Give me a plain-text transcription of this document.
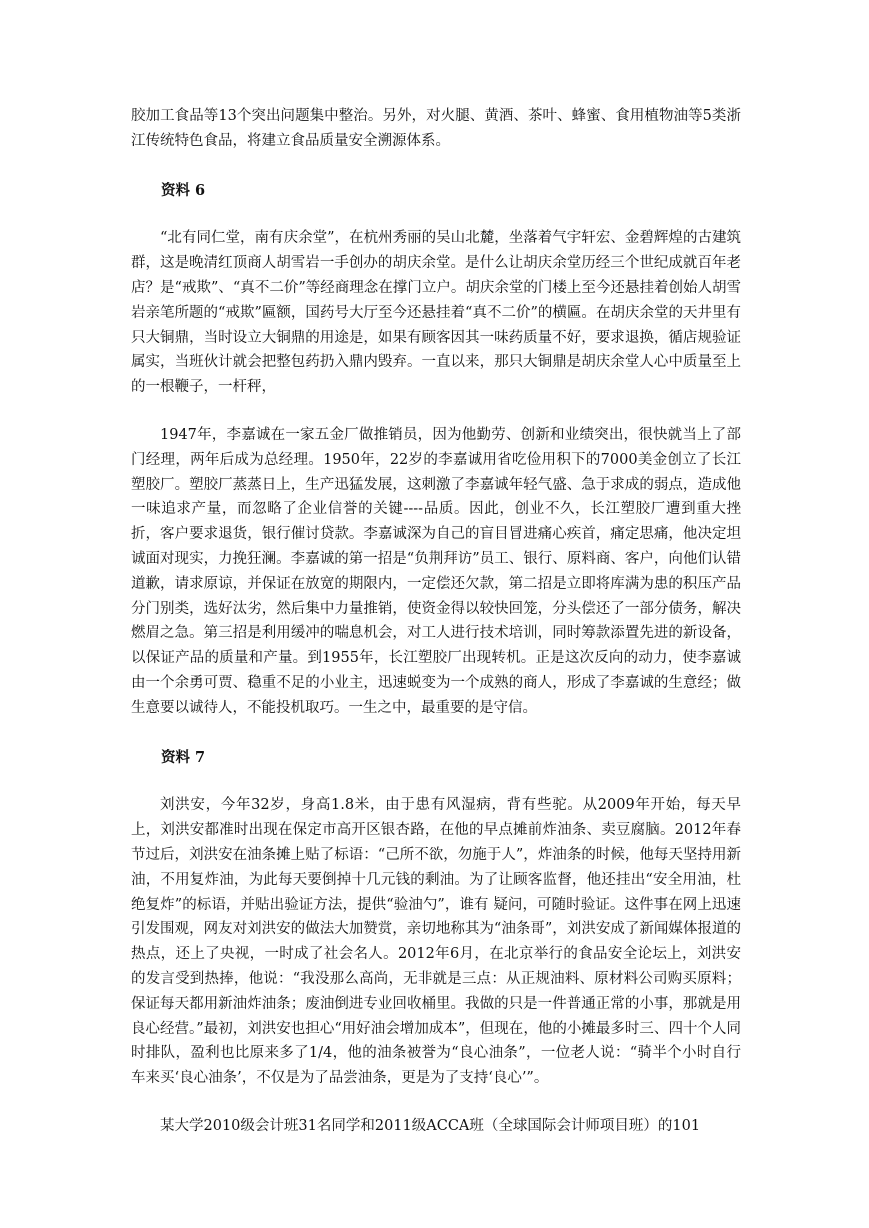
胶加工食品等13个突出问题集中整治。另外，对火腿、黄酒、茶叶、蜂蜜、食用植物油等5类浙江传统特色食品，将建立食品质量安全溯源体系。

资料 6

“北有同仁堂，南有庆余堂”，在杭州秀丽的吴山北麓，坐落着气宇轩宏、金碧辉煌的古建筑群，这是晚清红顶商人胡雪岩一手创办的胡庆余堂。是什么让胡庆余堂历经三个世纪成就百年老店？是“戒欺”、“真不二价”等经商理念在撑门立户。胡庆余堂的门楼上至今还悬挂着创始人胡雪岩亲笔所题的“戒欺”匾额，国药号大厅至今还悬挂着“真不二价”的横匾。在胡庆余堂的天井里有只大铜鼎，当时设立大铜鼎的用途是，如果有顾客因其一味药质量不好，要求退换，循店规验证属实，当班伙计就会把整包药扔入鼎内毁弃。一直以来，那只大铜鼎是胡庆余堂人心中质量至上的一根鞭子，一杆秤，

1947年，李嘉诚在一家五金厂做推销员，因为他勤劳、创新和业绩突出，很快就当上了部门经理，两年后成为总经理。1950年，22岁的李嘉诚用省吃俭用积下的7000美金创立了长江塑胶厂。塑胶厂蒸蒸日上，生产迅猛发展，这刺激了李嘉诚年轻气盛、急于求成的弱点，造成他一味追求产量，而忽略了企业信誉的关键----品质。因此，创业不久，长江塑胶厂遭到重大挫折，客户要求退货，银行催讨贷款。李嘉诚深为自己的盲目冒进痛心疾首，痛定思痛，他决定坦诚面对现实，力挽狂澜。李嘉诚的第一招是“负荆拜访”员工、银行、原料商、客户，向他们认错道歉，请求原谅，并保证在放宽的期限内，一定偿还欠款，第二招是立即将库满为患的积压产品分门别类，选好汰劣，然后集中力量推销，使资金得以较快回笼，分头偿还了一部分债务，解决燃眉之急。第三招是利用缓冲的喘息机会，对工人进行技术培训，同时筹款添置先进的新设备，以保证产品的质量和产量。到1955年，长江塑胶厂出现转机。正是这次反向的动力，使李嘉诚由一个余勇可贾、稳重不足的小业主，迅速蜕变为一个成熟的商人，形成了李嘉诚的生意经；做生意要以诚待人，不能投机取巧。一生之中，最重要的是守信。

资料 7

刘洪安，今年32岁，身高1.8米，由于患有风湿病，背有些驼。从2009年开始，每天早上，刘洪安都准时出现在保定市高开区银杏路，在他的早点摊前炸油条、卖豆腐脑。2012年春节过后，刘洪安在油条摊上贴了标语：“己所不欲，勿施于人”，炸油条的时候，他每天坚持用新油，不用复炸油，为此每天要倒掉十几元钱的剩油。为了让顾客监督，他还挂出“安全用油，杜绝复炸”的标语，并贴出验证方法，提供“验油勺”，谁有 疑问，可随时验证。这件事在网上迅速引发围观，网友对刘洪安的做法大加赞赏，亲切地称其为“油条哥”，刘洪安成了新闻媒体报道的热点，还上了央视，一时成了社会名人。2012年6月，在北京举行的食品安全论坛上，刘洪安的发言受到热捧，他说：“我没那么高尚，无非就是三点：从正规油料、原材料公司购买原料；保证每天都用新油炸油条；废油倒进专业回收桶里。我做的只是一件普通正常的小事，那就是用良心经营。”最初，刘洪安也担心“用好油会增加成本”，但现在，他的小摊最多时三、四十个人同时排队，盈利也比原来多了1/4，他的油条被誉为“良心油条”，一位老人说：“骑半个小时自行车来买‘良心油条’，不仅是为了品尝油条，更是为了支持‘良心’”。

某大学2010级会计班31名同学和2011级ACCA班（全球国际会计师项目班）的101
